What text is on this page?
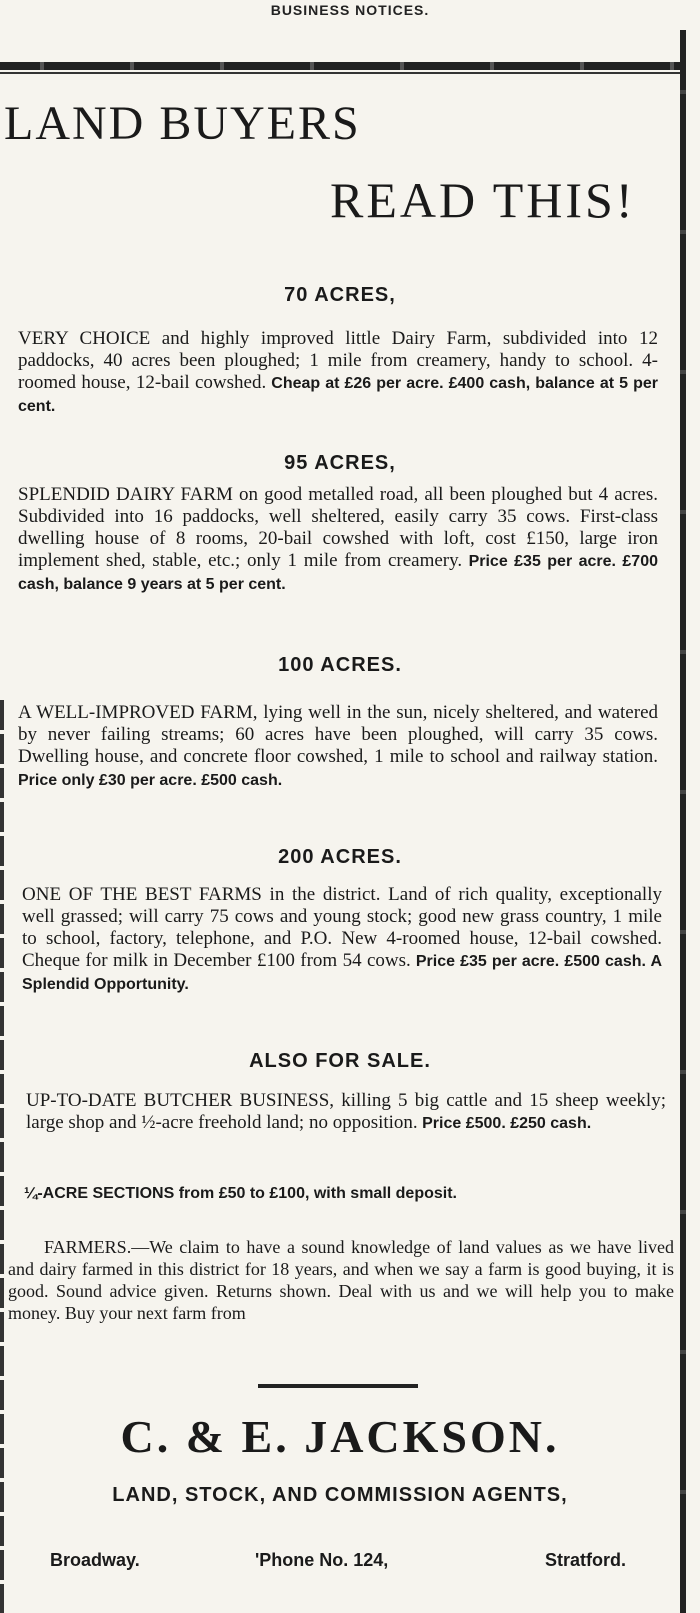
BUSINESS NOTICES.
LAND BUYERS
READ THIS!
70 ACRES,
VERY CHOICE and highly improved little Dairy Farm, subdivided into 12 paddocks, 40 acres been ploughed; 1 mile from creamery, handy to school. 4-roomed house, 12-bail cowshed. Cheap at £26 per acre. £400 cash, balance at 5 per cent.
95 ACRES,
SPLENDID DAIRY FARM on good metalled road, all been ploughed but 4 acres. Subdivided into 16 paddocks, well sheltered, easily carry 35 cows. First-class dwelling house of 8 rooms, 20-bail cowshed with loft, cost £150, large iron implement shed, stable, etc.; only 1 mile from creamery. Price £35 per acre. £700 cash, balance 9 years at 5 per cent.
100 ACRES.
A WELL-IMPROVED FARM, lying well in the sun, nicely sheltered, and watered by never failing streams; 60 acres have been ploughed, will carry 35 cows. Dwelling house, and concrete floor cowshed, 1 mile to school and railway station. Price only £30 per acre. £500 cash.
200 ACRES.
ONE OF THE BEST FARMS in the district. Land of rich quality, exceptionally well grassed; will carry 75 cows and young stock; good new grass country, 1 mile to school, factory, telephone, and P.O. New 4-roomed house, 12-bail cowshed. Cheque for milk in December £100 from 54 cows. Price £35 per acre. £500 cash. A Splendid Opportunity.
ALSO FOR SALE.
UP-TO-DATE BUTCHER BUSINESS, killing 5 big cattle and 15 sheep weekly; large shop and ½-acre freehold land; no opposition. Price £500. £250 cash.
¼-ACRE SECTIONS from £50 to £100, with small deposit.
FARMERS.—We claim to have a sound knowledge of land values as we have lived and dairy farmed in this district for 18 years, and when we say a farm is good buying, it is good. Sound advice given. Returns shown. Deal with us and we will help you to make money. Buy your next farm from
C. & E. JACKSON.
LAND, STOCK, AND COMMISSION AGENTS,
Broadway.	'Phone No. 124,	Stratford.
